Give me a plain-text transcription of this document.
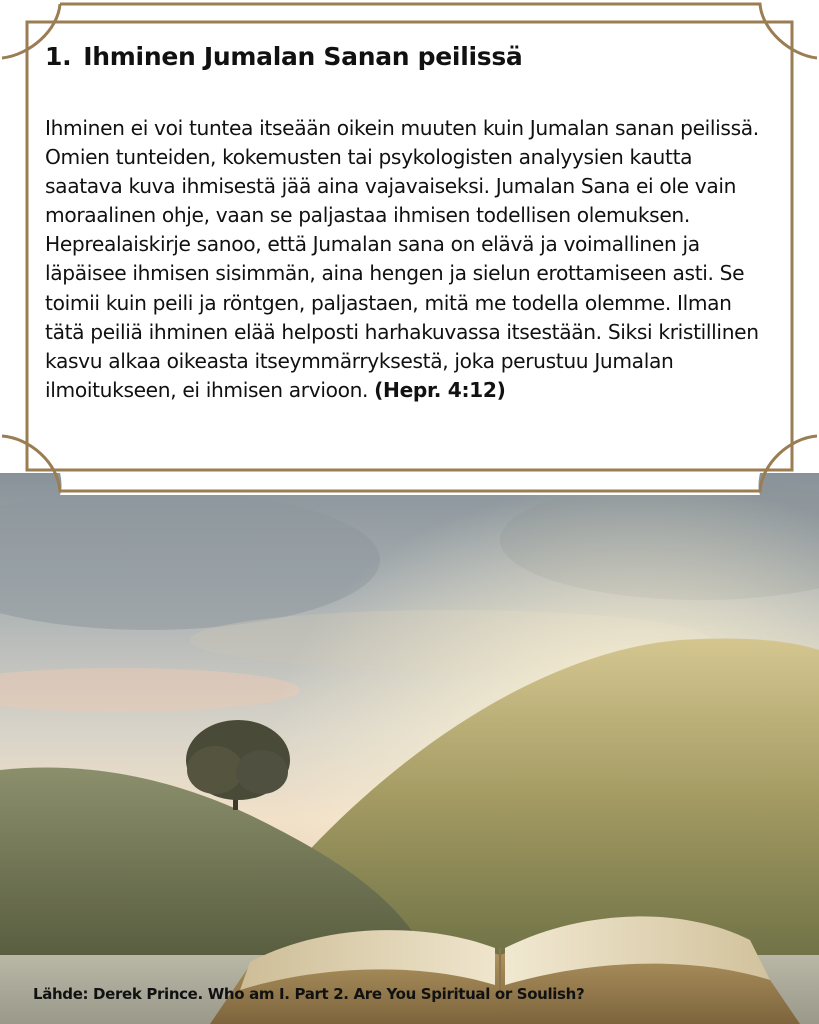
1. Ihminen Jumalan Sanan peilissä

Ihminen ei voi tuntea itseään oikein muuten kuin Jumalan sanan peilissä. Omien tunteiden, kokemusten tai psykologisten analyysien kautta saatava kuva ihmisestä jää aina vajavaiseksi. Jumalan Sana ei ole vain moraalinen ohje, vaan se paljastaa ihmisen todellisen olemuksen. Heprealaiskirje sanoo, että Jumalan sana on elävä ja voimallinen ja läpäisee ihmisen sisimmän, aina hengen ja sielun erottamiseen asti. Se toimii kuin peili ja röntgen, paljastaen, mitä me todella olemme. Ilman tätä peiliä ihminen elää helposti harhakuvassa itsestään. Siksi kristillinen kasvu alkaa oikeasta itseymmärryksestä, joka perustuu Jumalan ilmoitukseen, ei ihmisen arvioon. (Hepr. 4:12)

Lähde: Derek Prince. Who am I. Part 2. Are You Spiritual or Soulish?
